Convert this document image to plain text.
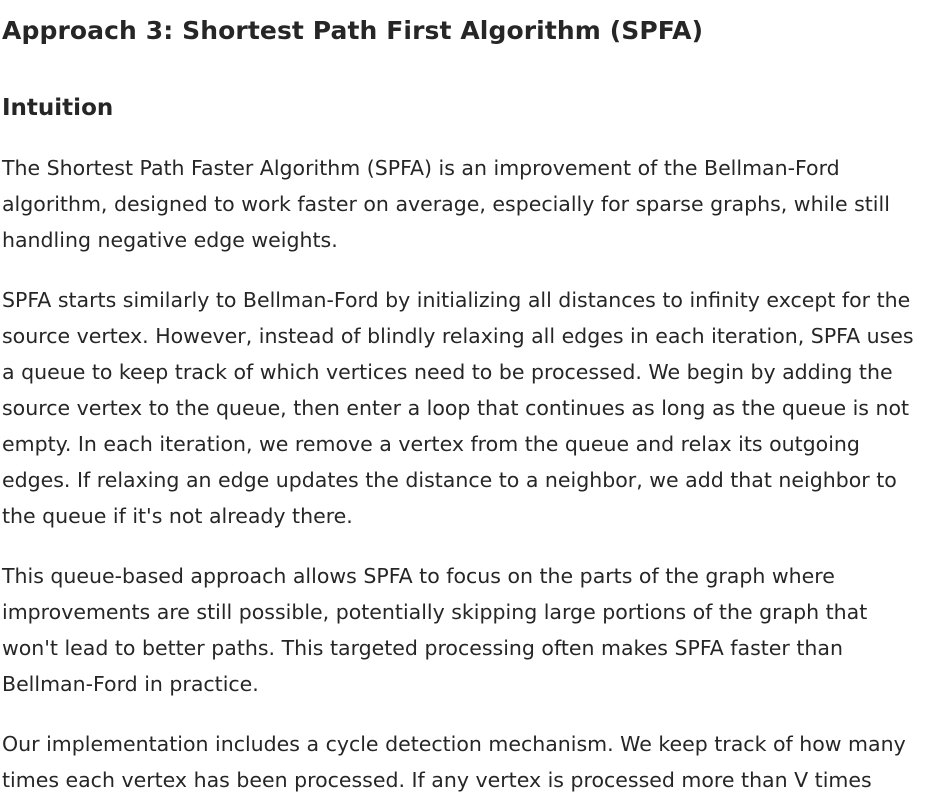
Approach 3: Shortest Path First Algorithm (SPFA)
Intuition

The Shortest Path Faster Algorithm (SPFA) is an improvement of the Bellman-Ford
algorithm, designed to work faster on average, especially for sparse graphs, while still
handling negative edge weights.

SPFA starts similarly to Bellman-Ford by initializing all distances to infinity except for the
source vertex. However, instead of blindly relaxing all edges in each iteration, SPFA uses
a queue to keep track of which vertices need to be processed. We begin by adding the
source vertex to the queue, then enter a loop that continues as long as the queue is not
empty. In each iteration, we remove a vertex from the queue and relax its outgoing
edges. If relaxing an edge updates the distance to a neighbor, we add that neighbor to
the queue if it's not already there.

This queue-based approach allows SPFA to focus on the parts of the graph where
improvements are still possible, potentially skipping large portions of the graph that
won't lead to better paths. This targeted processing often makes SPFA faster than
Bellman-Ford in practice.

Our implementation includes a cycle detection mechanism. We keep track of how many
times each vertex has been processed. If any vertex is processed more than V times
